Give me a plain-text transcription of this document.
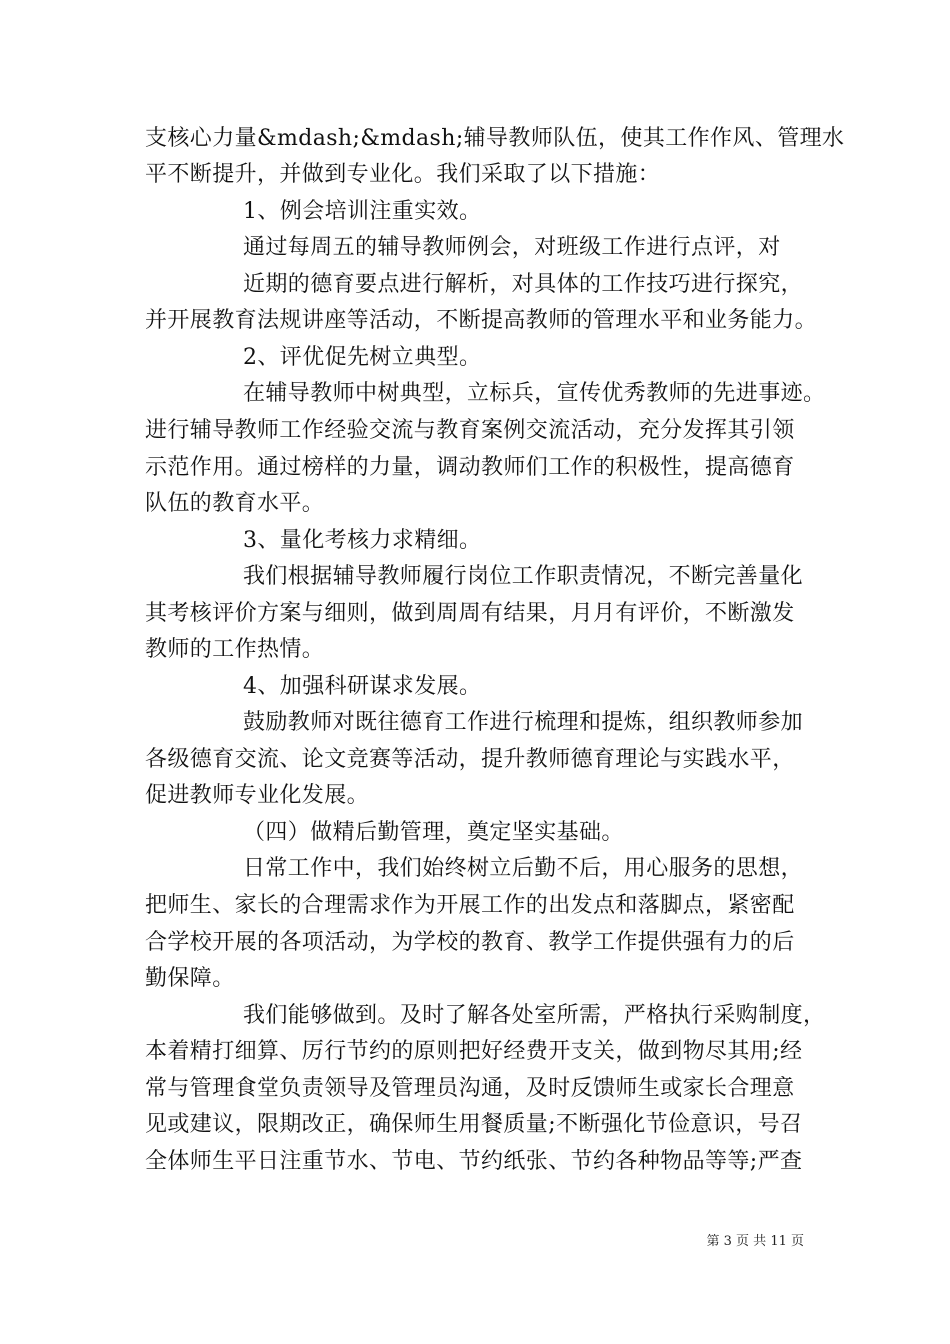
支核心力量&mdash;&mdash;辅导教师队伍，使其工作作风、管理水
平不断提升，并做到专业化。我们采取了以下措施：
1、例会培训注重实效。
通过每周五的辅导教师例会，对班级工作进行点评，对
近期的德育要点进行解析，对具体的工作技巧进行探究，
并开展教育法规讲座等活动，不断提高教师的管理水平和业务能力。
2、评优促先树立典型。
在辅导教师中树典型，立标兵，宣传优秀教师的先进事迹。
进行辅导教师工作经验交流与教育案例交流活动，充分发挥其引领
示范作用。通过榜样的力量，调动教师们工作的积极性，提高德育
队伍的教育水平。
3、量化考核力求精细。
我们根据辅导教师履行岗位工作职责情况，不断完善量化
其考核评价方案与细则，做到周周有结果，月月有评价，不断激发
教师的工作热情。
4、加强科研谋求发展。
鼓励教师对既往德育工作进行梳理和提炼，组织教师参加
各级德育交流、论文竞赛等活动，提升教师德育理论与实践水平，
促进教师专业化发展。
（四）做精后勤管理，奠定坚实基础。
日常工作中，我们始终树立后勤不后，用心服务的思想，
把师生、家长的合理需求作为开展工作的出发点和落脚点，紧密配
合学校开展的各项活动，为学校的教育、教学工作提供强有力的后
勤保障。
我们能够做到。及时了解各处室所需，严格执行采购制度，
本着精打细算、厉行节约的原则把好经费开支关，做到物尽其用;经
常与管理食堂负责领导及管理员沟通，及时反馈师生或家长合理意
见或建议，限期改正，确保师生用餐质量;不断强化节俭意识，号召
全体师生平日注重节水、节电、节约纸张、节约各种物品等等;严查
第 3 页 共 11 页
